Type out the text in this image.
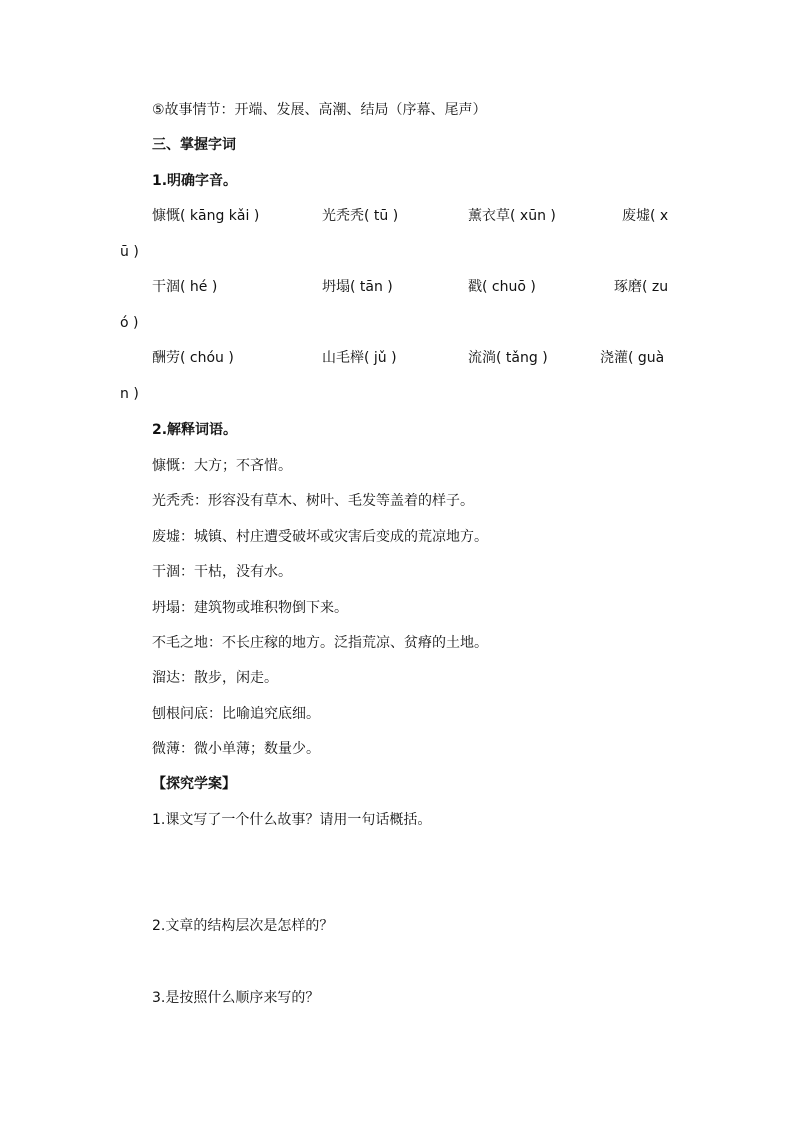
⑤故事情节：开端、发展、高潮、结局（序幕、尾声）
三、掌握字词
1.明确字音。
慷慨( kāng kǎi )	光秃秃( tū )	薰衣草( xūn )	废墟( x
ū )
干涸( hé )	坍塌( tān )	戳( chuō )	琢磨( zu
ó )
酬劳( chóu )	山毛榉( jǔ )	流淌( tǎng )	浇灌( guà
n )
2.解释词语。
慷慨：大方；不吝惜。
光秃秃：形容没有草木、树叶、毛发等盖着的样子。
废墟：城镇、村庄遭受破坏或灾害后变成的荒凉地方。
干涸：干枯，没有水。
坍塌：建筑物或堆积物倒下来。
不毛之地：不长庄稼的地方。泛指荒凉、贫瘠的土地。
溜达：散步，闲走。
刨根问底：比喻追究底细。
微薄：微小单薄；数量少。
【探究学案】
1.课文写了一个什么故事？请用一句话概括。
2.文章的结构层次是怎样的？
3.是按照什么顺序来写的？
